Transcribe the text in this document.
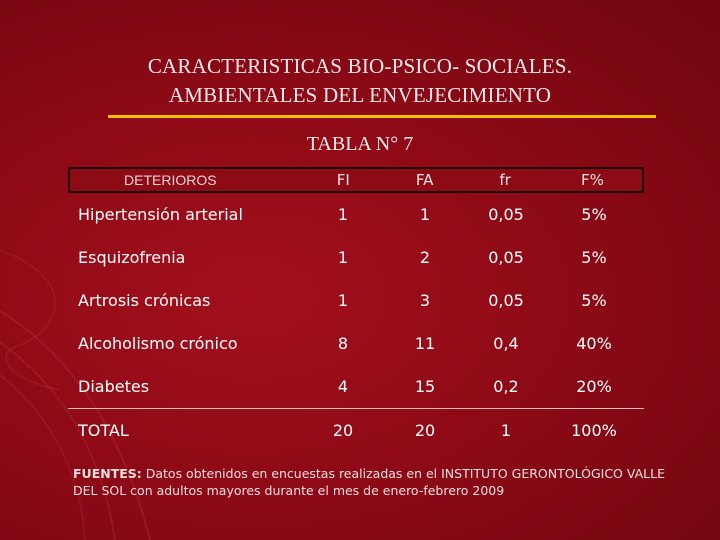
CARACTERISTICAS BIO-PSICO- SOCIALES.
AMBIENTALES DEL ENVEJECIMIENTO
TABLA N° 7
DETERIOROS	FI	FA	fr	F%
Hipertensión arterial	1	1	0,05	5%
Esquizofrenia	1	2	0,05	5%
Artrosis crónicas	1	3	0,05	5%
Alcoholismo crónico	8	11	0,4	40%
Diabetes	4	15	0,2	20%
TOTAL	20	20	1	100%
FUENTES: Datos obtenidos en encuestas realizadas en el INSTITUTO GERONTOLÓGICO VALLE DEL SOL con adultos mayores durante el mes de enero-febrero 2009
